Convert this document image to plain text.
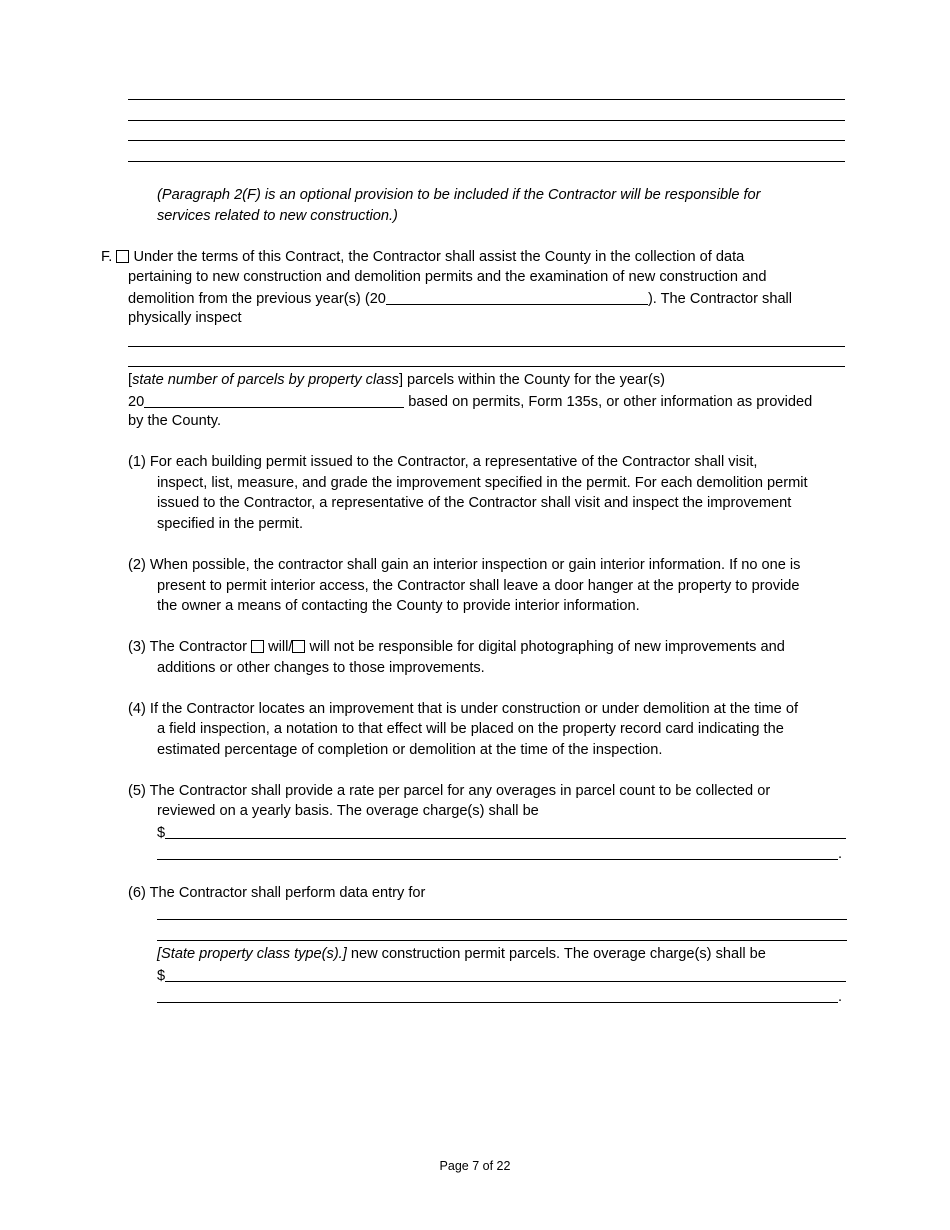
(Paragraph 2(F) is an optional provision to be included if the Contractor will be responsible for
services related to new construction.)
F. Under the terms of this Contract, the Contractor shall assist the County in the collection of data
pertaining to new construction and demolition permits and the examination of new construction and
demolition from the previous year(s) (20	). The Contractor shall
physically inspect
[state number of parcels by property class] parcels within the County for the year(s)
20	based on permits, Form 135s, or other information as provided
by the County.
(1) For each building permit issued to the Contractor, a representative of the Contractor shall visit,
inspect, list, measure, and grade the improvement specified in the permit. For each demolition permit
issued to the Contractor, a representative of the Contractor shall visit and inspect the improvement
specified in the permit.
(2) When possible, the contractor shall gain an interior inspection or gain interior information. If no one is
present to permit interior access, the Contractor shall leave a door hanger at the property to provide
the owner a means of contacting the County to provide interior information.
(3) The Contractor will/ will not be responsible for digital photographing of new improvements and
additions or other changes to those improvements.
(4) If the Contractor locates an improvement that is under construction or under demolition at the time of
a field inspection, a notation to that effect will be placed on the property record card indicating the
estimated percentage of completion or demolition at the time of the inspection.
(5) The Contractor shall provide a rate per parcel for any overages in parcel count to be collected or
reviewed on a yearly basis. The overage charge(s) shall be
$
.
(6) The Contractor shall perform data entry for
[State property class type(s).] new construction permit parcels. The overage charge(s) shall be
$
.
Page 7 of 22
